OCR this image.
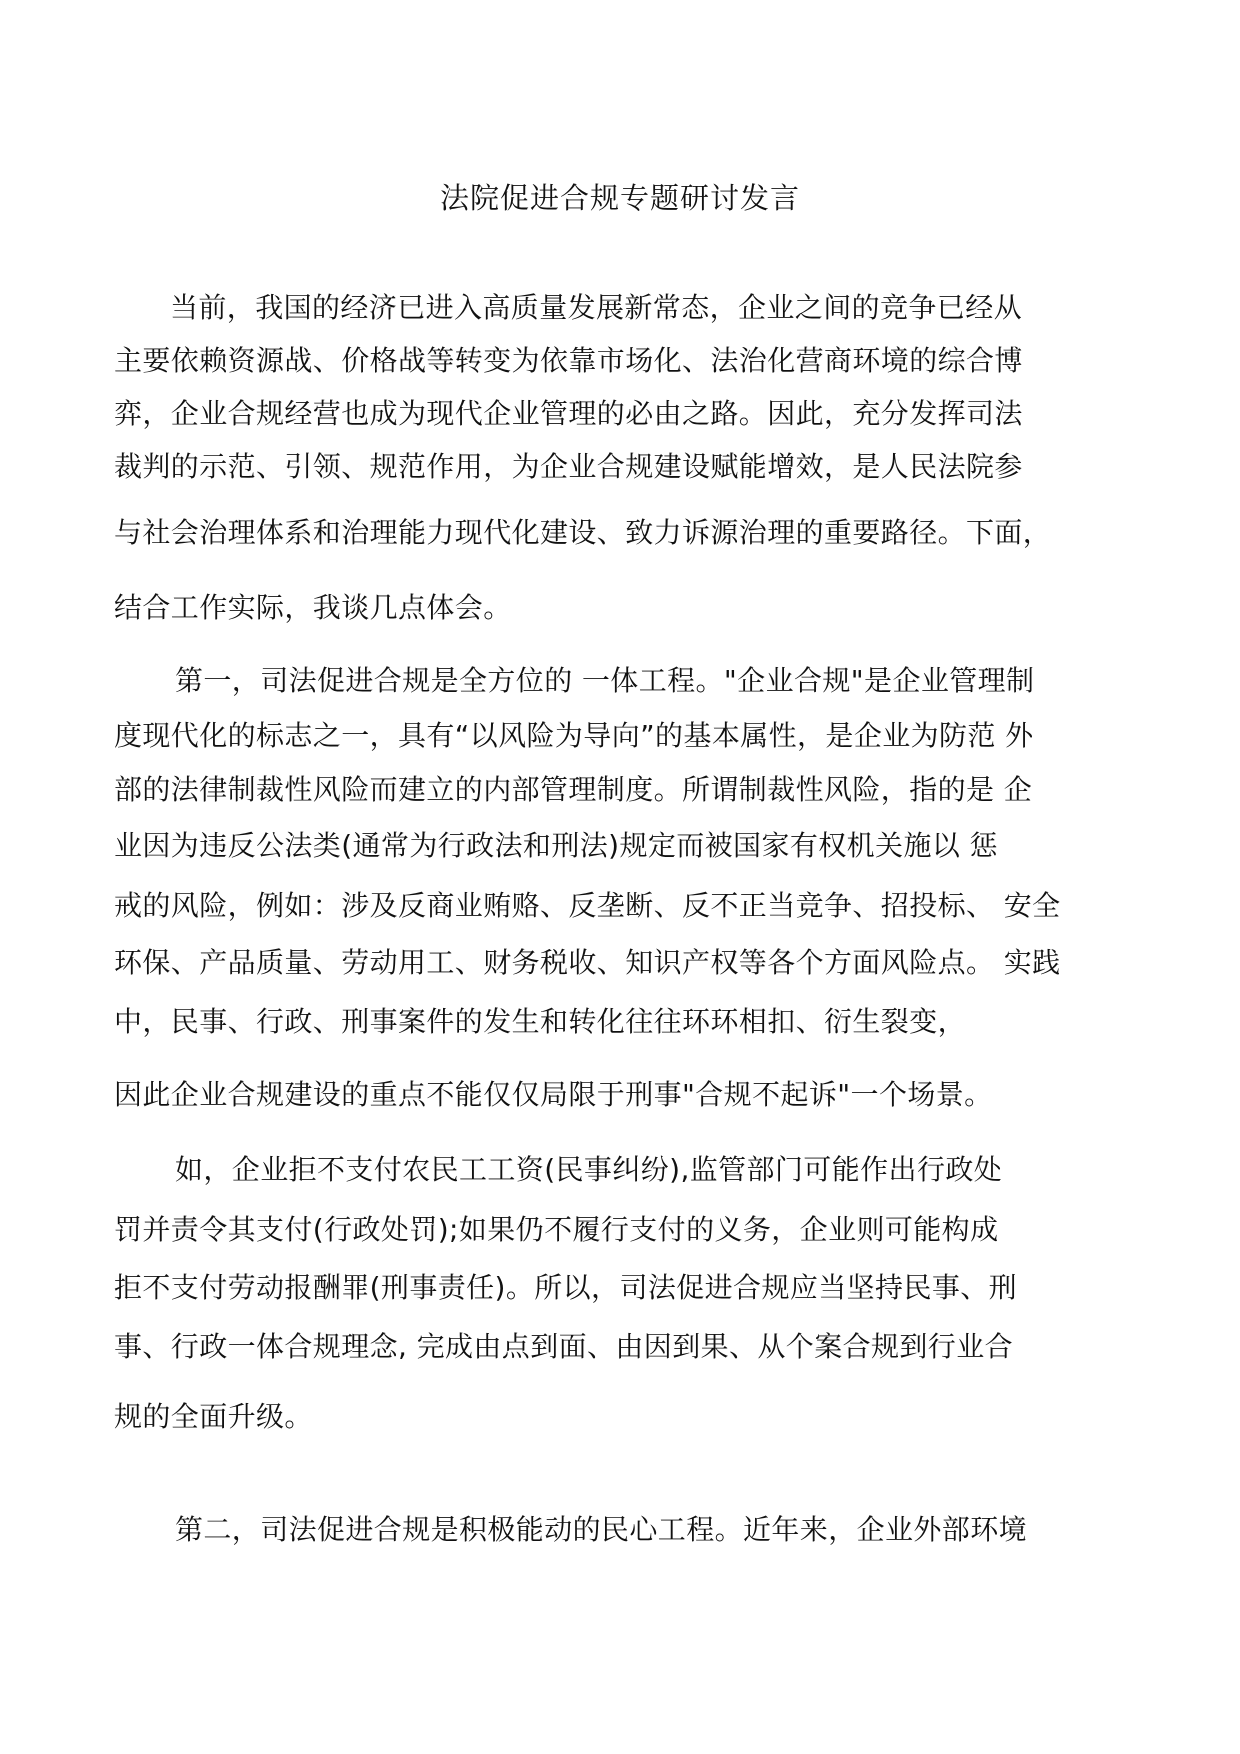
法院促进合规专题研讨发言
当前，我国的经济已进入高质量发展新常态，企业之间的竞争已经从
主要依赖资源战、价格战等转变为依靠市场化、法治化营商环境的综合博
弈，企业合规经营也成为现代企业管理的必由之路。因此，充分发挥司法
裁判的示范、引领、规范作用，为企业合规建设赋能增效，是人民法院参
与社会治理体系和治理能力现代化建设、致力诉源治理的重要路径。下面，
结合工作实际，我谈几点体会。
第一，司法促进合规是全方位的 一体工程。"企业合规"是企业管理制
度现代化的标志之一，具有“以风险为导向”的基本属性，是企业为防范 外
部的法律制裁性风险而建立的内部管理制度。所谓制裁性风险，指的是 企
业因为违反公法类(通常为行政法和刑法)规定而被国家有权机关施以 惩
戒的风险，例如：涉及反商业贿赂、反垄断、反不正当竞争、招投标、 安全
环保、产品质量、劳动用工、财务税收、知识产权等各个方面风险点。 实践
中，民事、行政、刑事案件的发生和转化往往环环相扣、衍生裂变，
因此企业合规建设的重点不能仅仅局限于刑事"合规不起诉"一个场景。
如，企业拒不支付农民工工资(民事纠纷),监管部门可能作出行政处
罚并责令其支付(行政处罚);如果仍不履行支付的义务，企业则可能构成
拒不支付劳动报酬罪(刑事责任)。所以，司法促进合规应当坚持民事、刑
事、行政一体合规理念, 完成由点到面、由因到果、从个案合规到行业合
规的全面升级。
第二，司法促进合规是积极能动的民心工程。近年来，企业外部环境
